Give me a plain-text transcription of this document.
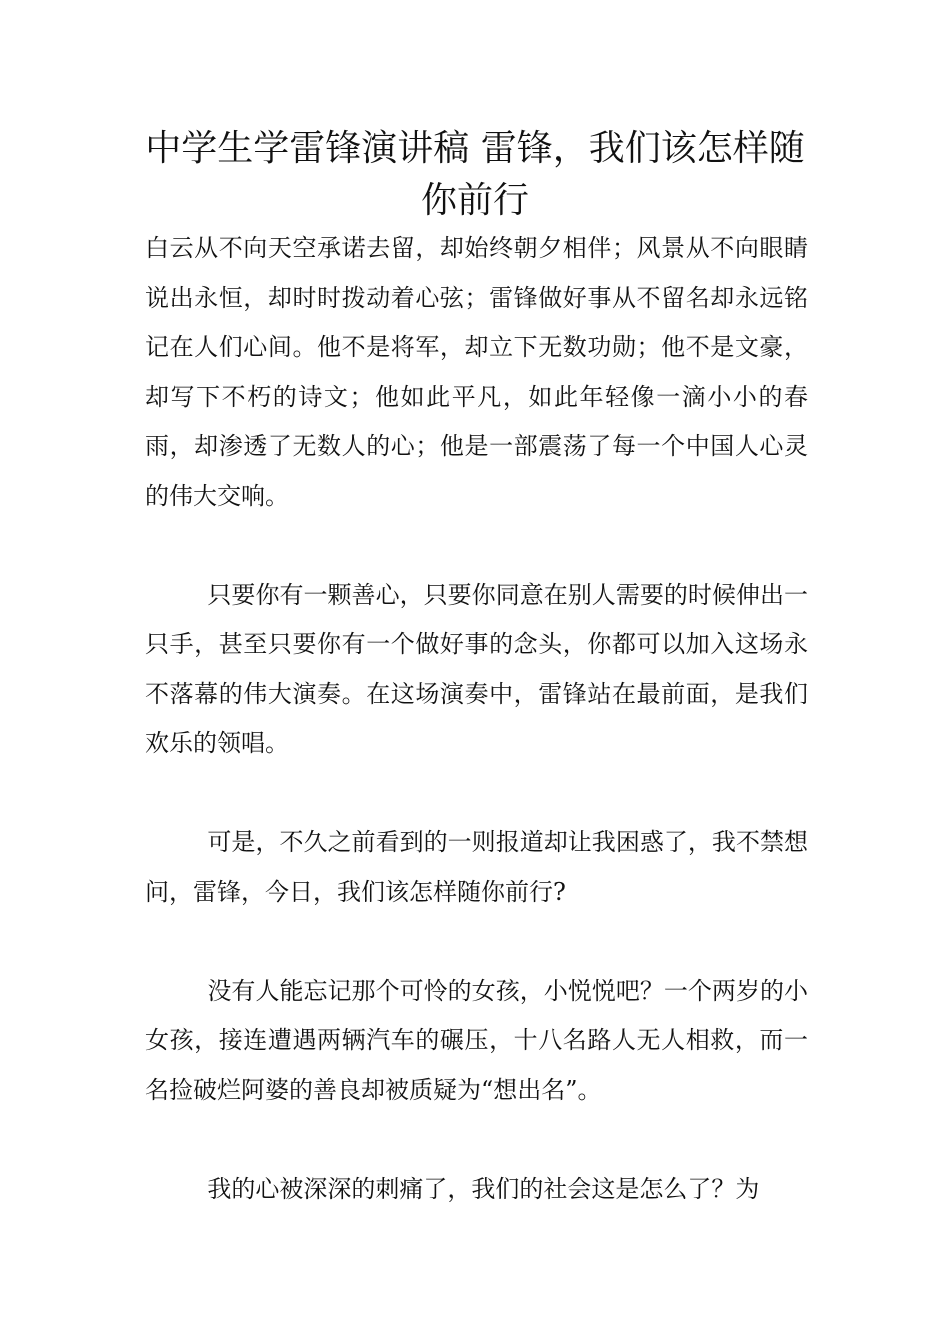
中学生学雷锋演讲稿 雷锋，我们该怎样随你前行

白云从不向天空承诺去留，却始终朝夕相伴；风景从不向眼睛说出永恒，却时时拨动着心弦；雷锋做好事从不留名却永远铭记在人们心间。他不是将军，却立下无数功勋；他不是文豪，却写下不朽的诗文；他如此平凡，如此年轻像一滴小小的春雨，却渗透了无数人的心；他是一部震荡了每一个中国人心灵的伟大交响。

只要你有一颗善心，只要你同意在别人需要的时候伸出一只手，甚至只要你有一个做好事的念头，你都可以加入这场永不落幕的伟大演奏。在这场演奏中，雷锋站在最前面，是我们欢乐的领唱。

可是，不久之前看到的一则报道却让我困惑了，我不禁想问，雷锋，今日，我们该怎样随你前行?

没有人能忘记那个可怜的女孩，小悦悦吧？一个两岁的小女孩，接连遭遇两辆汽车的碾压，十八名路人无人相救，而一名捡破烂阿婆的善良却被质疑为“想出名”。

我的心被深深的刺痛了，我们的社会这是怎么了？为
